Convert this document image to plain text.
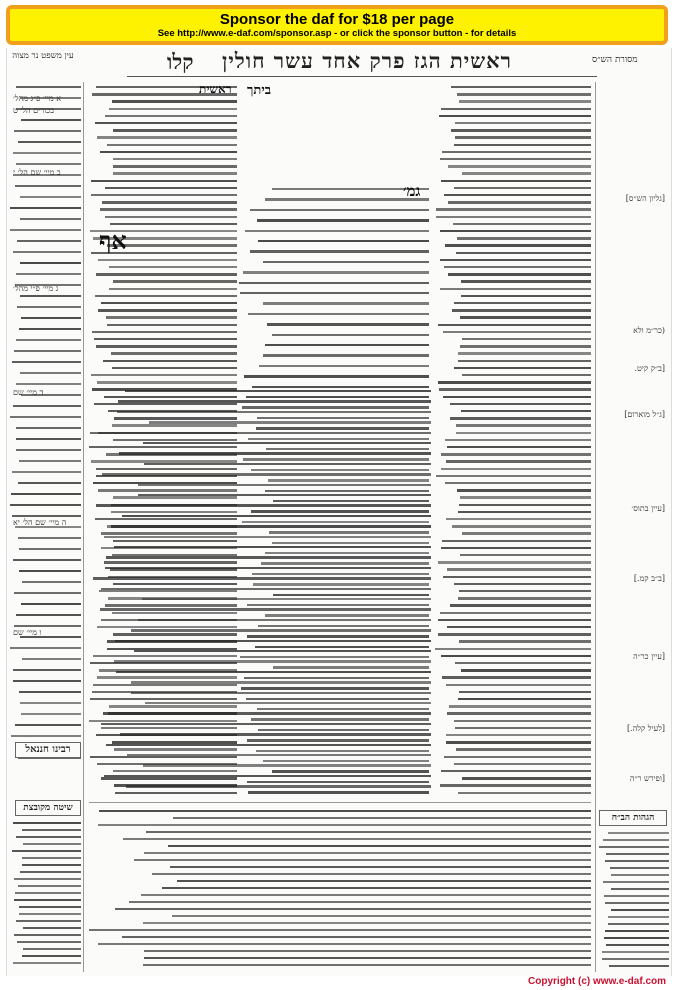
Sponsor the daf for $18 per page
See http://www.e-daf.com/sponsor.asp - or click the sponsor button - for details
עין משפט נר מצוה	קלו	ראשית הגז פרק אחד עשר חולין	מסורת הש״ס
גמ׳
אף
ראשית ביתך
[גליון הש״ס]
(כר״מ ולא
[ב״ק קיט.
[ג״ל מוארום]
[עיין בתוס׳
[ב״ב קמ.]
[עיין כר״ה
[לעיל קלה.]
[ופירש ר״ה
א מיי׳ פ״ג מהל׳
בכורים הל׳ ט
ב מיי׳ שם הל׳ י
ג מיי׳ פ״י מהל׳
ד מיי׳ שם
ה מיי׳ שם הל׳ יא
ו מיי׳ שם
רבינו חננאל
שיטה מקובצת
הגהות הב״ח
Copyright (c) www.e-daf.com
